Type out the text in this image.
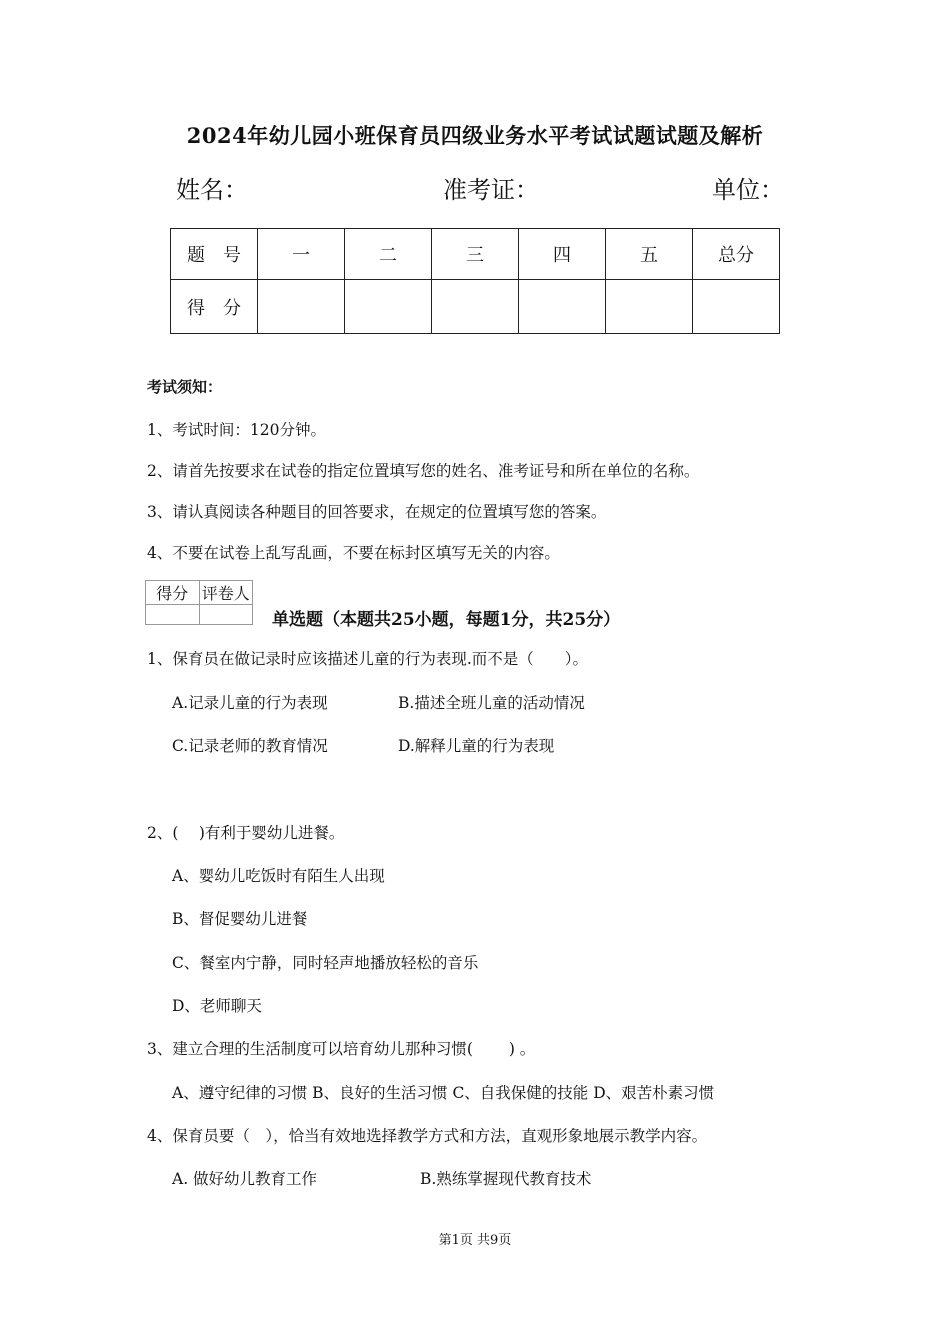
2024年幼儿园小班保育员四级业务水平考试试题试题及解析
姓名：	准考证：	单位：
题　号	一	二	三	四	五	总分
得　分						
考试须知：
1、考试时间：120分钟。
2、请首先按要求在试卷的指定位置填写您的姓名、准考证号和所在单位的名称。
3、请认真阅读各种题目的回答要求，在规定的位置填写您的答案。
4、不要在试卷上乱写乱画，不要在标封区填写无关的内容。
得分	评卷人

单选题（本题共25小题，每题1分，共25分）
1、保育员在做记录时应该描述儿童的行为表现.而不是（　　）。
A.记录儿童的行为表现	B.描述全班儿童的活动情况
C.记录老师的教育情况	D.解释儿童的行为表现
2、(　 )有利于婴幼儿进餐。
A、婴幼儿吃饭时有陌生人出现
B、督促婴幼儿进餐
C、餐室内宁静，同时轻声地播放轻松的音乐
D、老师聊天
3、建立合理的生活制度可以培育幼儿那种习惯(　　 ) 。
A、遵守纪律的习惯 B、良好的生活习惯 C、自我保健的技能 D、艰苦朴素习惯
4、保育员要（　），恰当有效地选择教学方式和方法，直观形象地展示教学内容。
A. 做好幼儿教育工作	B.熟练掌握现代教育技术
第1页 共9页
